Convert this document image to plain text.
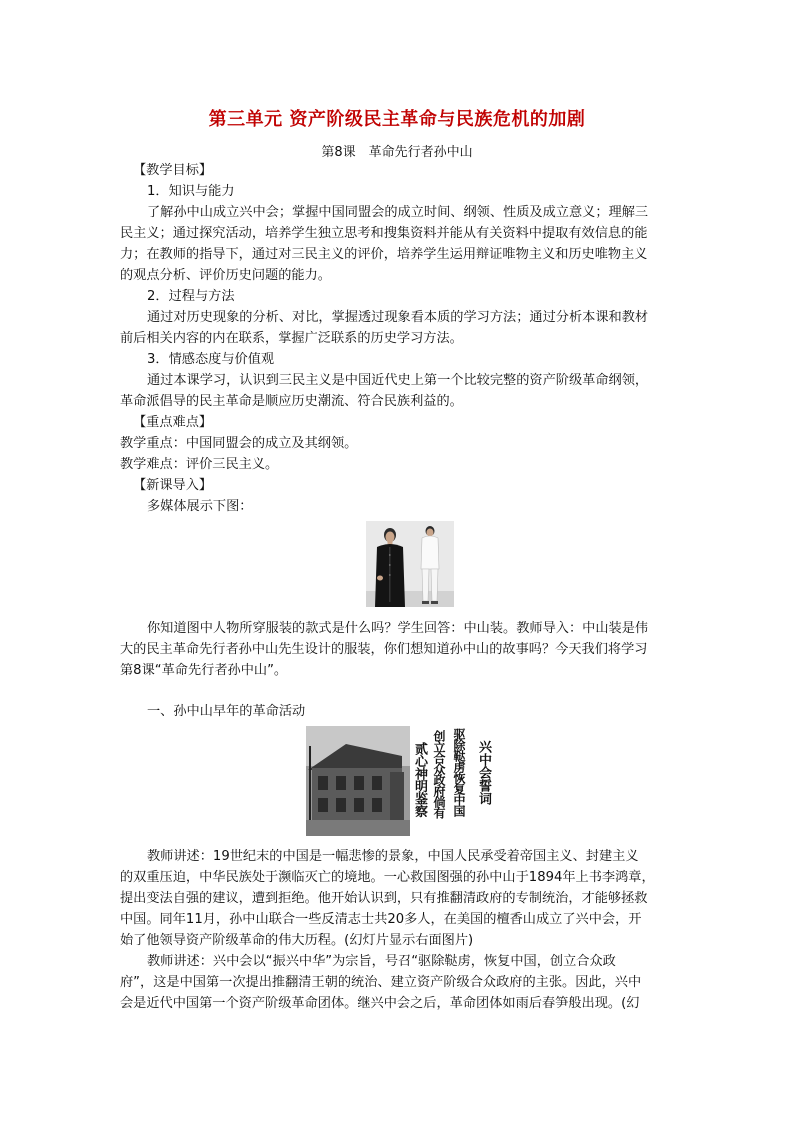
第三单元 资产阶级民主革命与民族危机的加剧
第8课　革命先行者孙中山
【教学目标】
1．知识与能力
了解孙中山成立兴中会；掌握中国同盟会的成立时间、纲领、性质及成立意义；理解三
民主义；通过探究活动，培养学生独立思考和搜集资料并能从有关资料中提取有效信息的能
力；在教师的指导下，通过对三民主义的评价，培养学生运用辩证唯物主义和历史唯物主义
的观点分析、评价历史问题的能力。
2．过程与方法
通过对历史现象的分析、对比，掌握透过现象看本质的学习方法；通过分析本课和教材
前后相关内容的内在联系，掌握广泛联系的历史学习方法。
3．情感态度与价值观
通过本课学习，认识到三民主义是中国近代史上第一个比较完整的资产阶级革命纲领，
革命派倡导的民主革命是顺应历史潮流、符合民族利益的。
【重点难点】
教学重点：中国同盟会的成立及其纲领。
教学难点：评价三民主义。
【新课导入】
多媒体展示下图：
你知道图中人物所穿服装的款式是什么吗？学生回答：中山装。教师导入：中山装是伟
大的民主革命先行者孙中山先生设计的服装，你们想知道孙中山的故事吗？今天我们将学习
第8课“革命先行者孙中山”。
一、孙中山早年的革命活动
贰心神明鉴察 创立合众政府倘有 驱除鞑虏恢复中国 兴中会誓词
教师讲述：19世纪末的中国是一幅悲惨的景象，中国人民承受着帝国主义、封建主义
的双重压迫，中华民族处于濒临灭亡的境地。一心救国图强的孙中山于1894年上书李鸿章，
提出变法自强的建议，遭到拒绝。他开始认识到，只有推翻清政府的专制统治，才能够拯救
中国。同年11月，孙中山联合一些反清志士共20多人，在美国的檀香山成立了兴中会，开
始了他领导资产阶级革命的伟大历程。(幻灯片显示右面图片)
教师讲述：兴中会以“振兴中华”为宗旨，号召“驱除鞑虏，恢复中国，创立合众政
府”，这是中国第一次提出推翻清王朝的统治、建立资产阶级合众政府的主张。因此，兴中
会是近代中国第一个资产阶级革命团体。继兴中会之后，革命团体如雨后春笋般出现。(幻
